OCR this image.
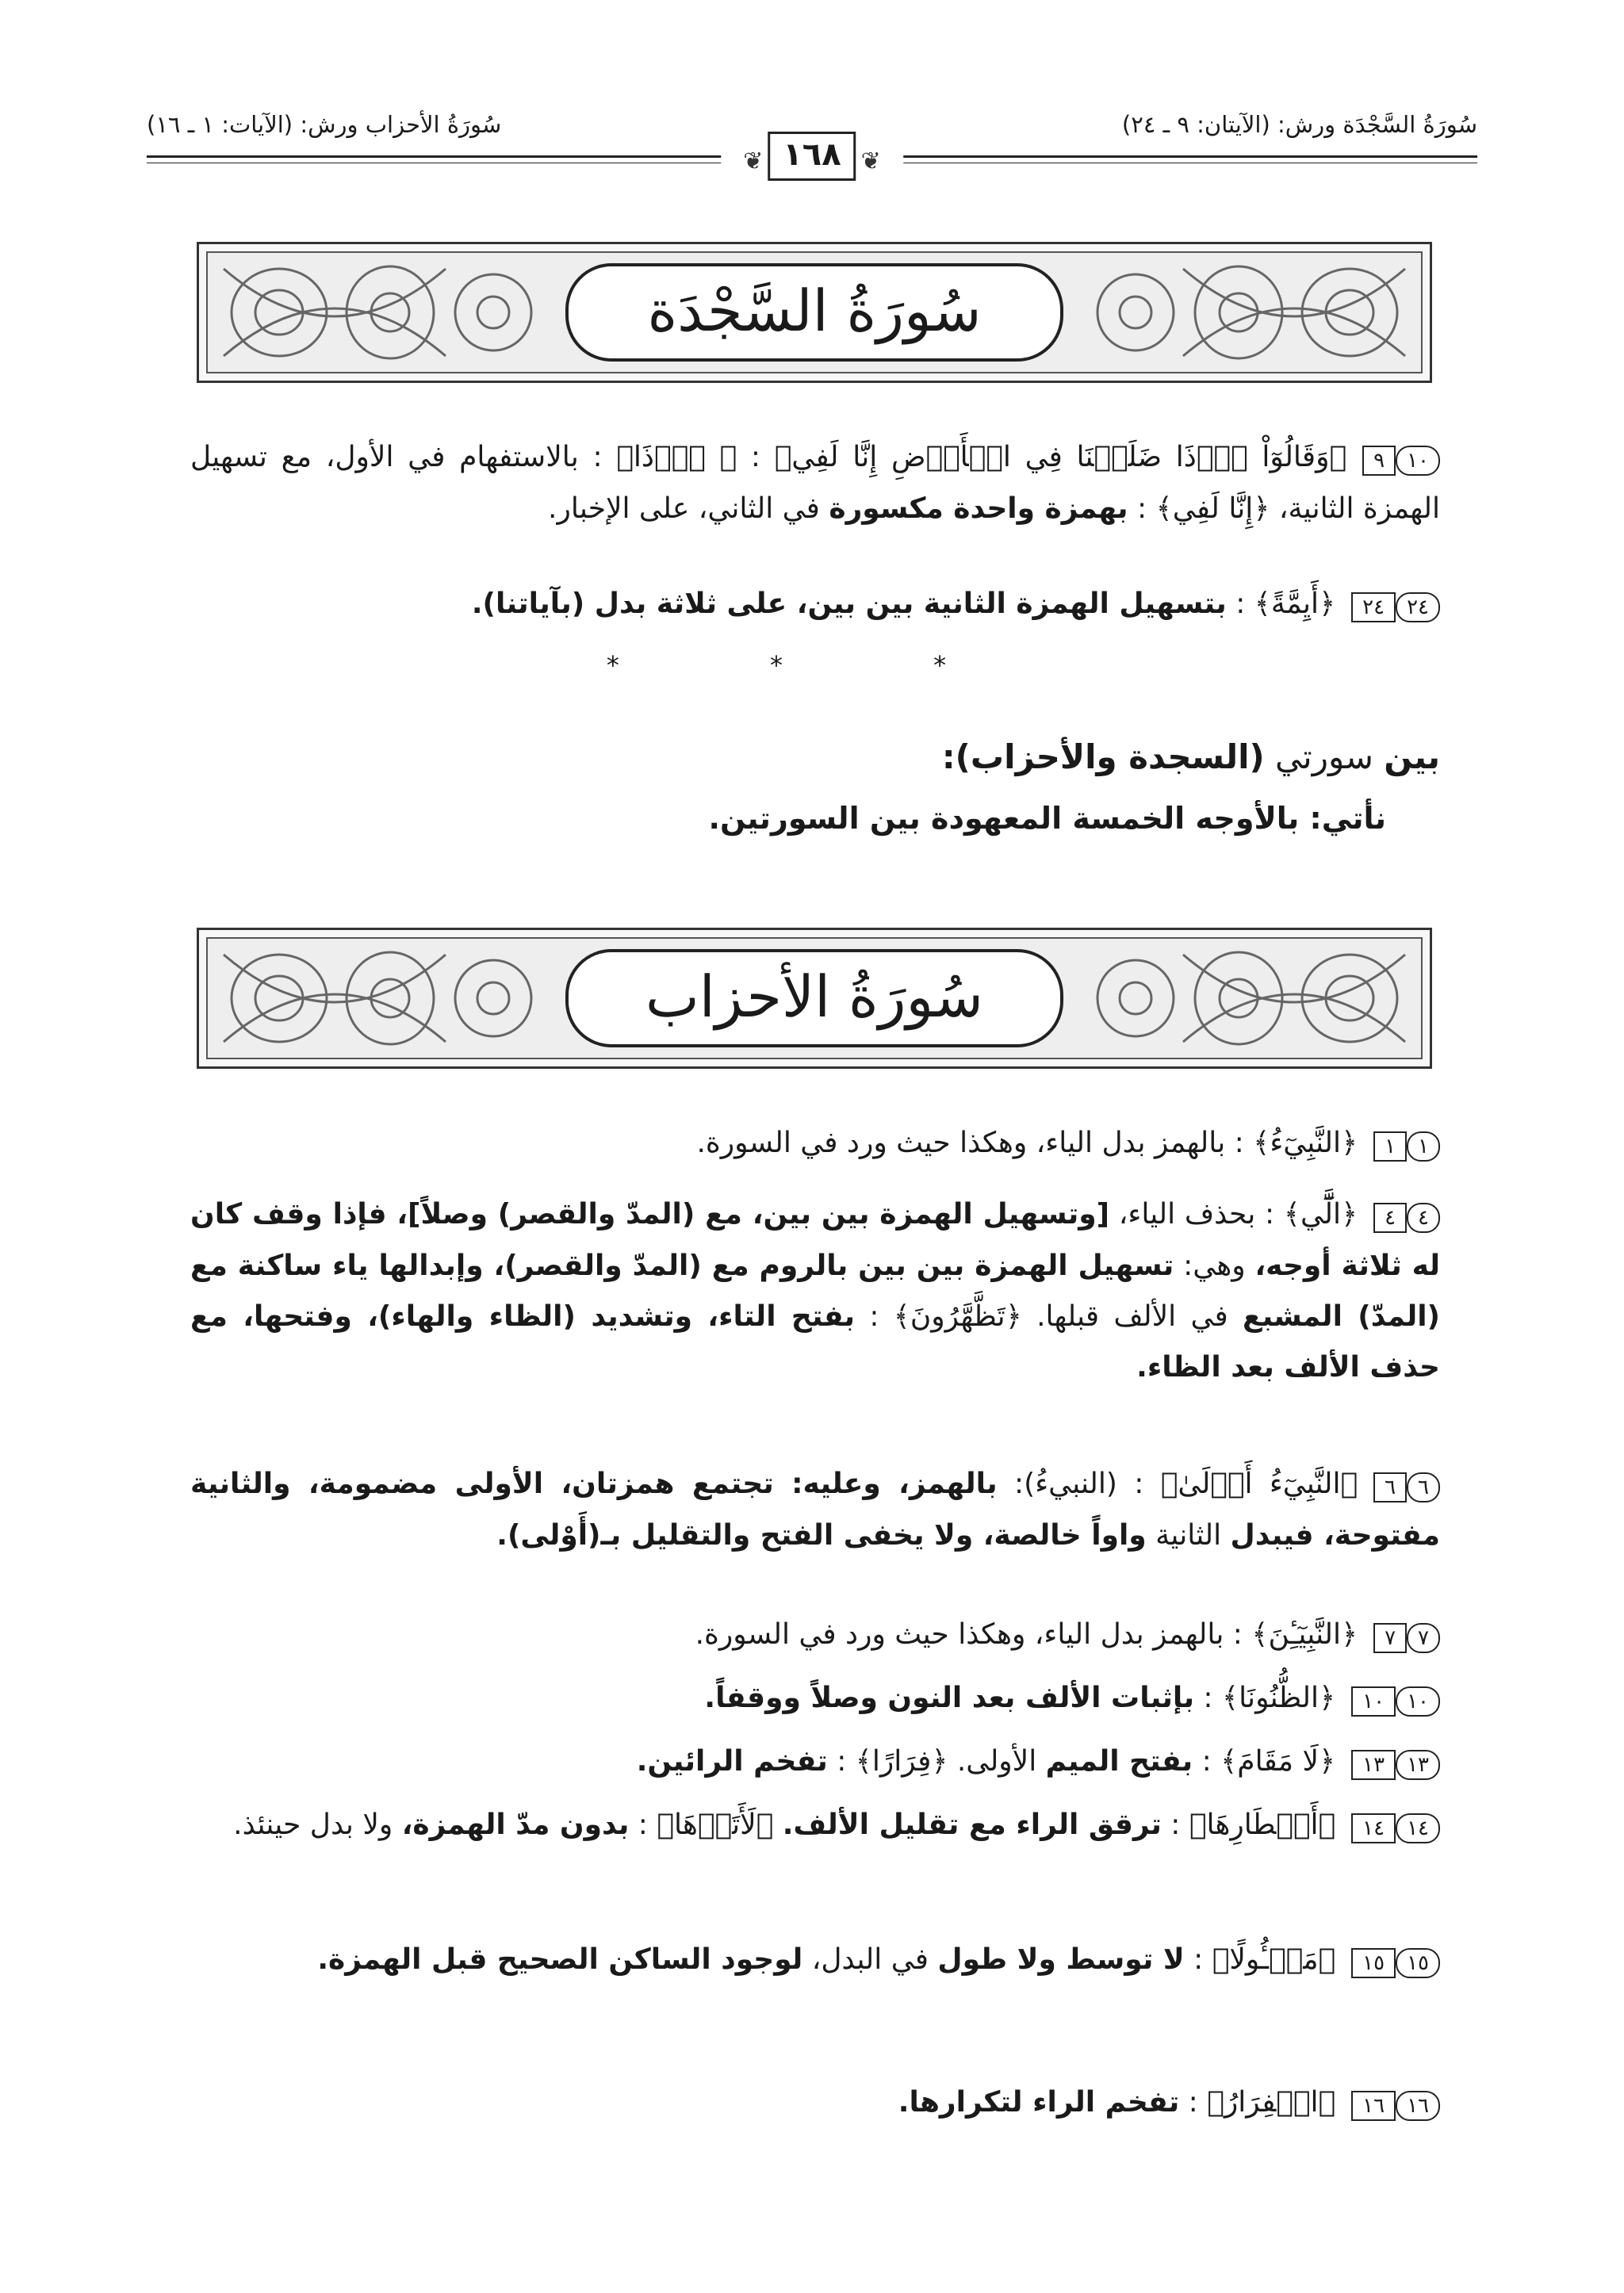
سُورَةُ السَّجْدَة ورش: (الآيتان: ٩ ـ ٢٤)
سُورَةُ الأحزاب ورش: (الآيات: ١ ـ ١٦)
❦١٦٨❦
سُورَةُ السَّجْدَة
١٠٩﴿وَقَالُوٓاْ أَ۬ذَا ضَلَلۡنَا فِي الۡأَرۡضِ إِنَّا لَفِي﴾ : ﴿ أَ۬ذَا﴾ : بالاستفهام في الأول، مع تسهيل الهمزة الثانية، ﴿إِنَّا لَفِي﴾ : بهمزة واحدة مكسورة في الثاني، على الإخبار.
٢٤٢٤﴿أَيِمَّةً﴾ : بتسهيل الهمزة الثانية بين بين، على ثلاثة بدل (بآياتنا).
* * *
بين سورتي (السجدة والأحزاب):
نأتي: بالأوجه الخمسة المعهودة بين السورتين.
سُورَةُ الأحزاب
١١﴿النَّبِيٓءُ﴾ : بالهمز بدل الياء، وهكذا حيث ورد في السورة.
٤٤﴿الَّٓي﴾ : بحذف الياء، [وتسهيل الهمزة بين بين، مع (المدّ والقصر) وصلاً]، فإذا وقف كان له ثلاثة أوجه، وهي: تسهيل الهمزة بين بين بالروم مع (المدّ والقصر)، وإبدالها ياء ساكنة مع (المدّ) المشبع في الألف قبلها. ﴿تَظَّهَّرُونَ﴾ : بفتح التاء، وتشديد (الظاء والهاء)، وفتحها، مع حذف الألف بعد الظاء.
٦٦﴿النَّبِيٓءُ أَوۡلَىٰ﴾ : (النبيءُ): بالهمز، وعليه: تجتمع همزتان، الأولى مضمومة، والثانية مفتوحة، فيبدل الثانية واواً خالصة، ولا يخفى الفتح والتقليل بـ(أَوْلى).
٧٧﴿النَّبِيٓـِٔنَ﴾ : بالهمز بدل الياء، وهكذا حيث ورد في السورة.
١٠١٠﴿الظُّنُونَا﴾ : بإثبات الألف بعد النون وصلاً ووقفاً.
١٣١٣﴿لَا مَقَامَ﴾ : بفتح الميم الأولى. ﴿فِرَارًا﴾ : تفخم الرائين.
١٤١٤﴿أَقۡطَارِهَا﴾ : ترقق الراء مع تقليل الألف. ﴿لَأَتَوۡهَا﴾ : بدون مدّ الهمزة، ولا بدل حينئذ.
١٥١٥﴿مَسۡـُٔولًا﴾ : لا توسط ولا طول في البدل، لوجود الساكن الصحيح قبل الهمزة.
١٦١٦﴿الۡفِرَارُ﴾ : تفخم الراء لتكرارها.
